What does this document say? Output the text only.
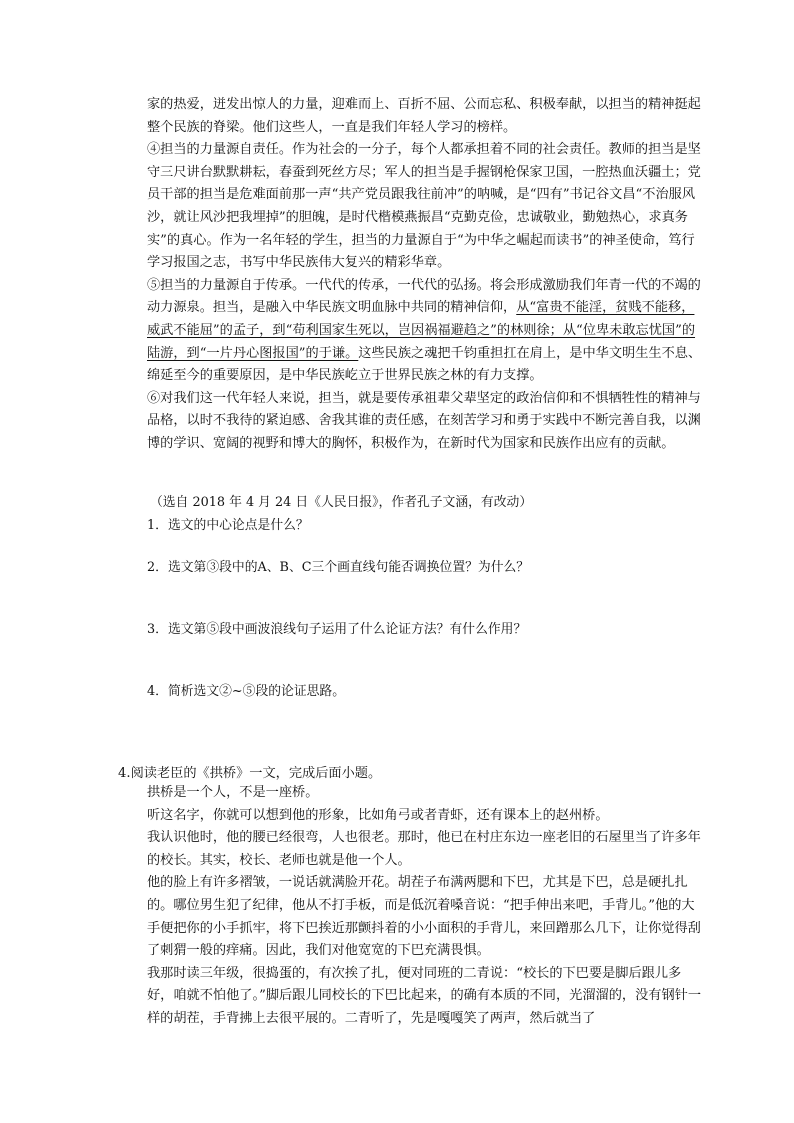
家的热爱，迸发出惊人的力量，迎难而上、百折不屈、公而忘私、积极奉献，以担当的精神挺起整个民族的脊梁。他们这些人，一直是我们年轻人学习的榜样。

④担当的力量源自责任。作为社会的一分子，每个人都承担着不同的社会责任。教师的担当是坚守三尺讲台默默耕耘，春蚕到死丝方尽；军人的担当是手握钢枪保家卫国，一腔热血沃疆土；党员干部的担当是危难面前那一声“共产党员跟我往前冲”的呐喊，是“四有”书记谷文昌“不治服风沙，就让风沙把我埋掉”的胆魄，是时代楷模燕振昌“克勤克俭，忠诚敬业，勤勉热心，求真务实”的真心。作为一名年轻的学生，担当的力量源自于“为中华之崛起而读书”的神圣使命，笃行学习报国之志，书写中华民族伟大复兴的精彩华章。

⑤担当的力量源自于传承。一代代的传承，一代代的弘扬。将会形成激励我们年青一代的不竭的动力源泉。担当，是融入中华民族文明血脉中共同的精神信仰，从“富贵不能淫，贫贱不能移，威武不能屈”的孟子，到“苟利国家生死以，岂因祸福避趋之”的林则徐；从“位卑未敢忘忧国”的陆游，到“一片丹心图报国”的于谦。这些民族之魂把千钧重担扛在肩上，是中华文明生生不息、绵延至今的重要原因，是中华民族屹立于世界民族之林的有力支撑。

⑥对我们这一代年轻人来说，担当，就是要传承祖辈父辈坚定的政治信仰和不惧牺牲性的精神与品格，以时不我待的紧迫感、舍我其谁的责任感，在刻苦学习和勇于实践中不断完善自我，以渊博的学识、宽阔的视野和博大的胸怀，积极作为，在新时代为国家和民族作出应有的贡献。

（选自 2018 年 4 月 24 日《人民日报》，作者孔子文涵，有改动）

1．选文的中心论点是什么？

2．选文第③段中的A、B、C三个画直线句能否调换位置？为什么？

3．选文第⑤段中画波浪线句子运用了什么论证方法？有什么作用？

4．简析选文②~⑤段的论证思路。

4.阅读老臣的《拱桥》一文，完成后面小题。

拱桥是一个人，不是一座桥。

听这名字，你就可以想到他的形象，比如角弓或者青虾，还有课本上的赵州桥。

我认识他时，他的腰已经很弯，人也很老。那时，他已在村庄东边一座老旧的石屋里当了许多年的校长。其实，校长、老师也就是他一个人。

他的脸上有许多褶皱，一说话就满脸开花。胡茬子布满两腮和下巴，尤其是下巴，总是硬扎扎的。哪位男生犯了纪律，他从不打手板，而是低沉着嗓音说：“把手伸出来吧，手背儿。”他的大手便把你的小手抓牢，将下巴挨近那颤抖着的小小面积的手背儿，来回蹭那么几下，让你觉得刮了刺猬一般的痒痛。因此，我们对他宽宽的下巴充满畏惧。

我那时读三年级，很捣蛋的，有次挨了扎，便对同班的二青说：“校长的下巴要是脚后跟儿多好，咱就不怕他了。”脚后跟儿同校长的下巴比起来，的确有本质的不同，光溜溜的，没有钢针一样的胡茬，手背拂上去很平展的。二青听了，先是嘎嘎笑了两声，然后就当了
